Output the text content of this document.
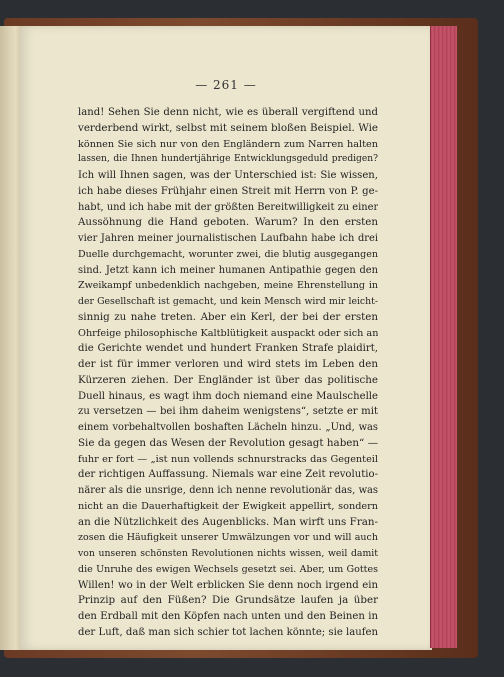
— 261 —
land! Sehen Sie denn nicht, wie es überall vergiftend und
verderbend wirkt, selbst mit seinem bloßen Beispiel. Wie
können Sie sich nur von den Engländern zum Narren halten
lassen, die Ihnen hundertjährige Entwicklungsgeduld predigen?
Ich will Ihnen sagen, was der Unterschied ist: Sie wissen,
ich habe dieses Frühjahr einen Streit mit Herrn von P. ge-
habt, und ich habe mit der größten Bereitwilligkeit zu einer
Aussöhnung die Hand geboten. Warum? In den ersten
vier Jahren meiner journalistischen Laufbahn habe ich drei
Duelle durchgemacht, worunter zwei, die blutig ausgegangen
sind. Jetzt kann ich meiner humanen Antipathie gegen den
Zweikampf unbedenklich nachgeben, meine Ehrenstellung in
der Gesellschaft ist gemacht, und kein Mensch wird mir leicht-
sinnig zu nahe treten. Aber ein Kerl, der bei der ersten
Ohrfeige philosophische Kaltblütigkeit auspackt oder sich an
die Gerichte wendet und hundert Franken Strafe plaidirt,
der ist für immer verloren und wird stets im Leben den
Kürzeren ziehen. Der Engländer ist über das politische
Duell hinaus, es wagt ihm doch niemand eine Maulschelle
zu versetzen — bei ihm daheim wenigstens“, setzte er mit
einem vorbehaltvollen boshaften Lächeln hinzu. „Und, was
Sie da gegen das Wesen der Revolution gesagt haben“ —
fuhr er fort — „ist nun vollends schnurstracks das Gegenteil
der richtigen Auffassung. Niemals war eine Zeit revolutio-
närer als die unsrige, denn ich nenne revolutionär das, was
nicht an die Dauerhaftigkeit der Ewigkeit appellirt, sondern
an die Nützlichkeit des Augenblicks. Man wirft uns Fran-
zosen die Häufigkeit unserer Umwälzungen vor und will auch
von unseren schönsten Revolutionen nichts wissen, weil damit
die Unruhe des ewigen Wechsels gesetzt sei. Aber, um Gottes
Willen! wo in der Welt erblicken Sie denn noch irgend ein
Prinzip auf den Füßen? Die Grundsätze laufen ja über
den Erdball mit den Köpfen nach unten und den Beinen in
der Luft, daß man sich schier tot lachen könnte; sie laufen
